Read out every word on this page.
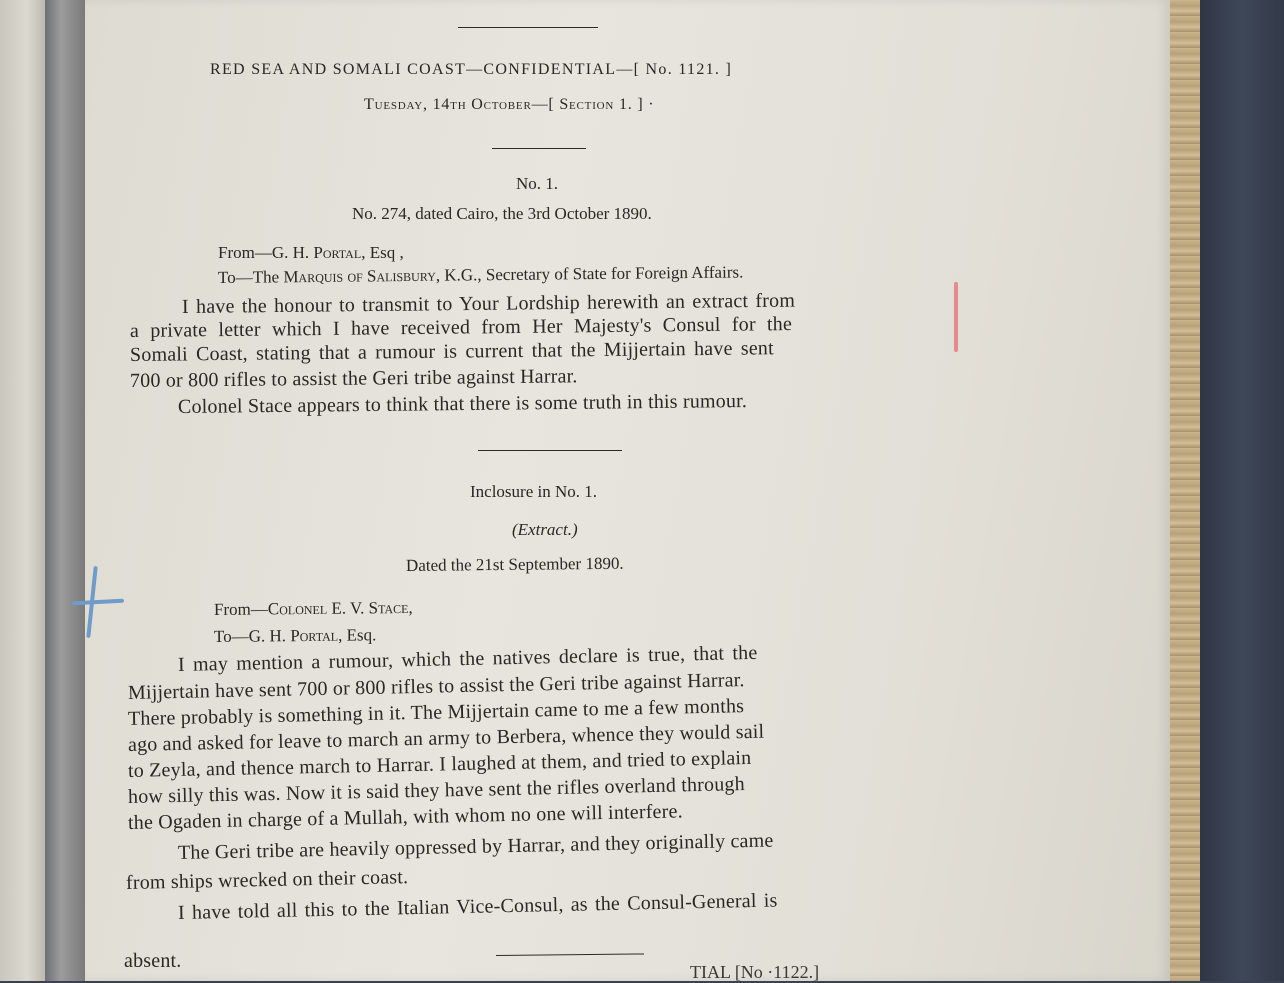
RED SEA AND SOMALI COAST—CONFIDENTIAL—[ No. 1121. ]
Tuesday, 14th October—[ Section 1. ] ·
No. 1.
No. 274, dated Cairo, the 3rd October 1890.
From—G. H. Portal, Esq ,
To—The Marquis of Salisbury, K.G., Secretary of State for Foreign Affairs.
I have the honour to transmit to Your Lordship herewith an extract from
a private letter which I have received from Her Majesty's Consul for the
Somali Coast, stating that a rumour is current that the Mijjertain have sent
700 or 800 rifles to assist the Geri tribe against Harrar.
Colonel Stace appears to think that there is some truth in this rumour.
Inclosure in No. 1.
(Extract.)
Dated the 21st September 1890.
From—Colonel E. V. Stace,
To—G. H. Portal, Esq.
I may mention a rumour, which the natives declare is true, that the
Mijjertain have sent 700 or 800 rifles to assist the Geri tribe against Harrar.
There probably is something in it. The Mijjertain came to me a few months
ago and asked for leave to march an army to Berbera, whence they would sail
to Zeyla, and thence march to Harrar. I laughed at them, and tried to explain
how silly this was. Now it is said they have sent the rifles overland through
the Ogaden in charge of a Mullah, with whom no one will interfere.
The Geri tribe are heavily oppressed by Harrar, and they originally came
from ships wrecked on their coast.
I have told all this to the Italian Vice-Consul, as the Consul-General is
absent.	TIAL [No ·1122.]
